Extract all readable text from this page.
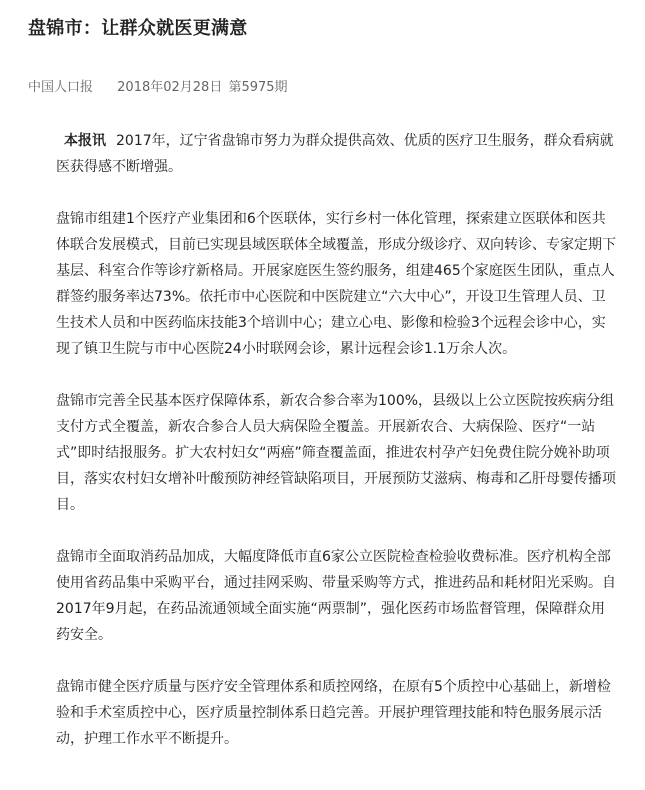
盘锦市：让群众就医更满意
中国人口报 2018年02月28日 第5975期

本报讯 2017年，辽宁省盘锦市努力为群众提供高效、优质的医疗卫生服务，群众看病就医获得感不断增强。

盘锦市组建1个医疗产业集团和6个医联体，实行乡村一体化管理，探索建立医联体和医共体联合发展模式，目前已实现县域医联体全域覆盖，形成分级诊疗、双向转诊、专家定期下基层、科室合作等诊疗新格局。开展家庭医生签约服务，组建465个家庭医生团队，重点人群签约服务率达73%。依托市中心医院和中医院建立“六大中心”，开设卫生管理人员、卫生技术人员和中医药临床技能3个培训中心；建立心电、影像和检验3个远程会诊中心，实现了镇卫生院与市中心医院24小时联网会诊，累计远程会诊1.1万余人次。

盘锦市完善全民基本医疗保障体系，新农合参合率为100%，县级以上公立医院按疾病分组支付方式全覆盖，新农合参合人员大病保险全覆盖。开展新农合、大病保险、医疗“一站式”即时结报服务。扩大农村妇女“两癌”筛查覆盖面，推进农村孕产妇免费住院分娩补助项目，落实农村妇女增补叶酸预防神经管缺陷项目，开展预防艾滋病、梅毒和乙肝母婴传播项目。

盘锦市全面取消药品加成，大幅度降低市直6家公立医院检查检验收费标准。医疗机构全部使用省药品集中采购平台，通过挂网采购、带量采购等方式，推进药品和耗材阳光采购。自2017年9月起，在药品流通领域全面实施“两票制”，强化医药市场监督管理，保障群众用药安全。

盘锦市健全医疗质量与医疗安全管理体系和质控网络，在原有5个质控中心基础上，新增检验和手术室质控中心，医疗质量控制体系日趋完善。开展护理管理技能和特色服务展示活动，护理工作水平不断提升。
